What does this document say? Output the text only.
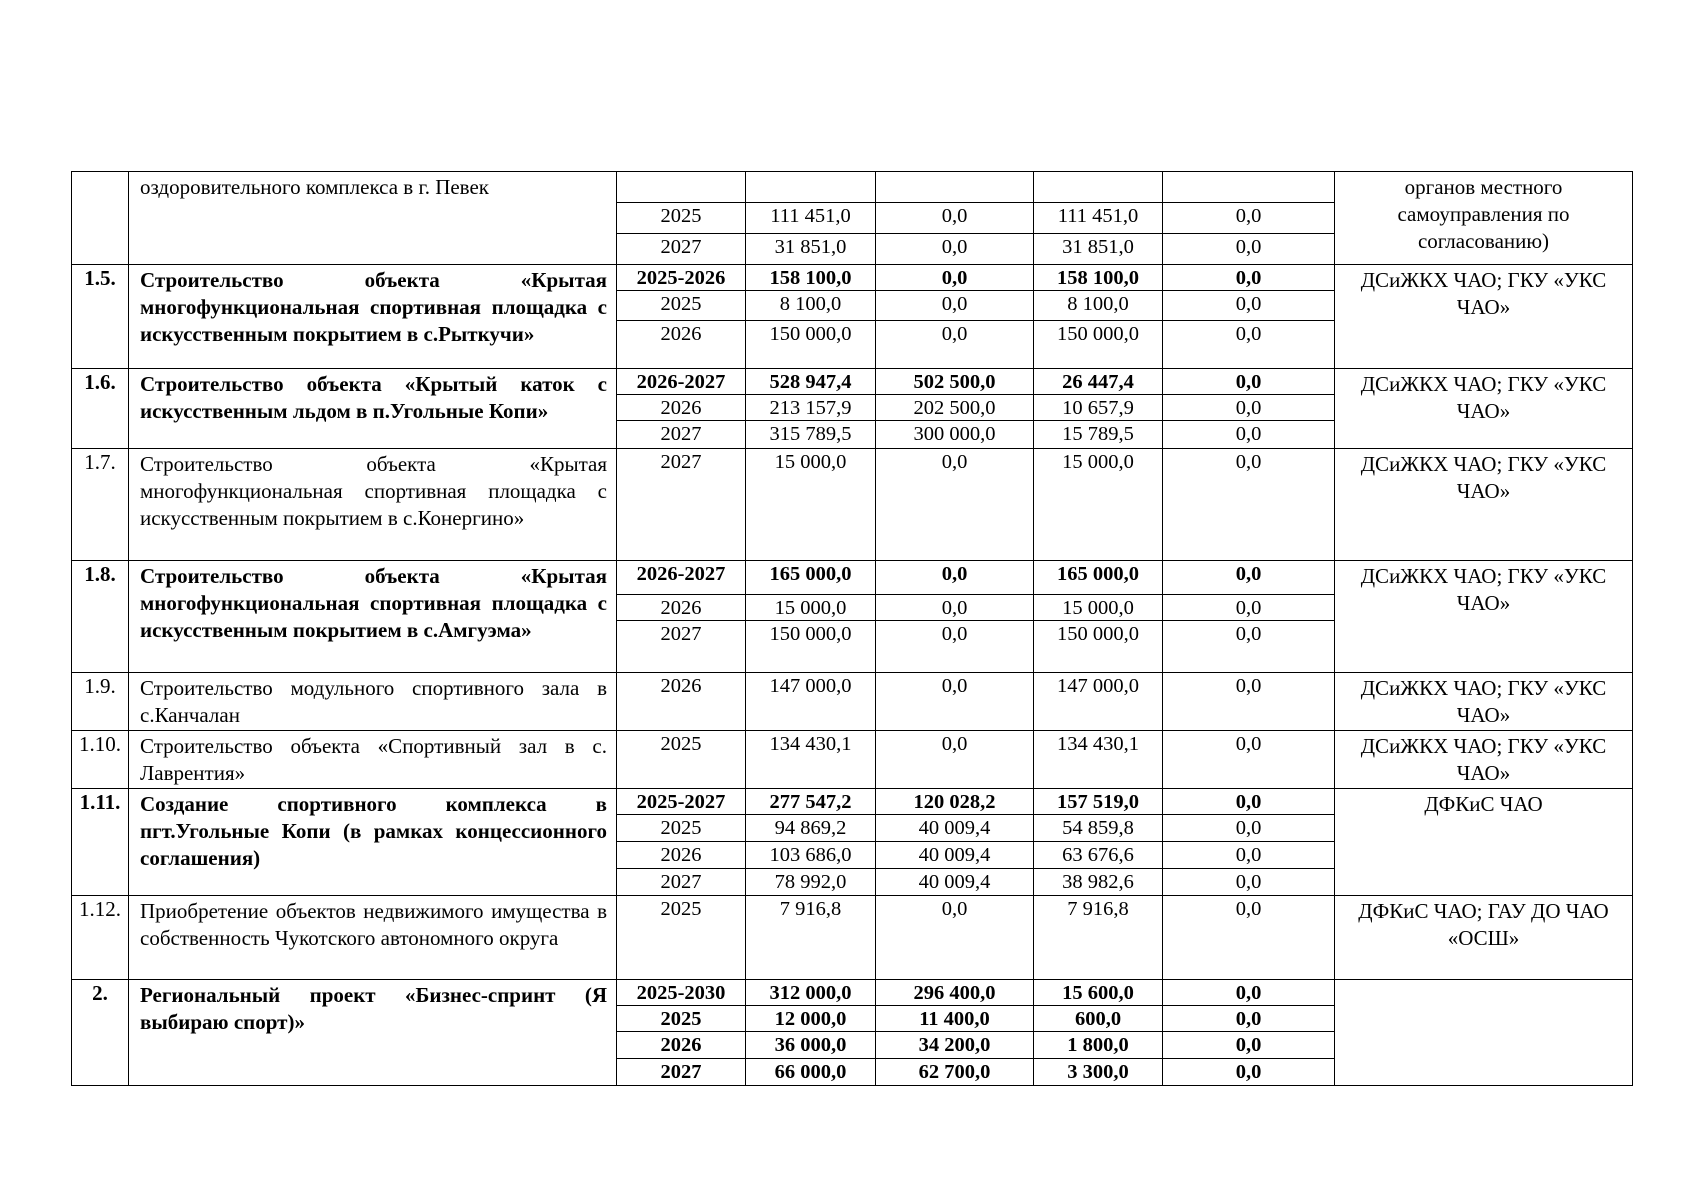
	оздоровительного комплекса в г. Певек						органов местного самоуправления по согласованию)
		2025	111 451,0	0,0	111 451,0	0,0	
		2027	31 851,0	0,0	31 851,0	0,0	
1.5.	Строительство объекта «Крытая многофункциональная спортивная площадка с искусственным покрытием в с.Рыткучи»	2025-2026	158 100,0	0,0	158 100,0	0,0	ДСиЖКХ ЧАО; ГКУ «УКС ЧАО»
		2025	8 100,0	0,0	8 100,0	0,0	
		2026	150 000,0	0,0	150 000,0	0,0	
1.6.	Строительство объекта «Крытый каток с искусственным льдом в п.Угольные Копи»	2026-2027	528 947,4	502 500,0	26 447,4	0,0	ДСиЖКХ ЧАО; ГКУ «УКС ЧАО»
		2026	213 157,9	202 500,0	10 657,9	0,0	
		2027	315 789,5	300 000,0	15 789,5	0,0	
1.7.	Строительство объекта «Крытая многофункциональная спортивная площадка с искусственным покрытием в с.Конергино»	2027	15 000,0	0,0	15 000,0	0,0	ДСиЖКХ ЧАО; ГКУ «УКС ЧАО»
1.8.	Строительство объекта «Крытая многофункциональная спортивная площадка с искусственным покрытием в с.Амгуэма»	2026-2027	165 000,0	0,0	165 000,0	0,0	ДСиЖКХ ЧАО; ГКУ «УКС ЧАО»
		2026	15 000,0	0,0	15 000,0	0,0	
		2027	150 000,0	0,0	150 000,0	0,0	
1.9.	Строительство модульного спортивного зала в с.Канчалан	2026	147 000,0	0,0	147 000,0	0,0	ДСиЖКХ ЧАО; ГКУ «УКС ЧАО»
1.10.	Строительство объекта «Спортивный зал в с. Лаврентия»	2025	134 430,1	0,0	134 430,1	0,0	ДСиЖКХ ЧАО; ГКУ «УКС ЧАО»
1.11.	Создание спортивного комплекса в пгт.Угольные Копи (в рамках концессионного соглашения)	2025-2027	277 547,2	120 028,2	157 519,0	0,0	ДФКиС ЧАО
		2025	94 869,2	40 009,4	54 859,8	0,0	
		2026	103 686,0	40 009,4	63 676,6	0,0	
		2027	78 992,0	40 009,4	38 982,6	0,0	
1.12.	Приобретение объектов недвижимого имущества в собственность Чукотского автономного округа	2025	7 916,8	0,0	7 916,8	0,0	ДФКиС ЧАО; ГАУ ДО ЧАО «ОСШ»
2.	Региональный проект «Бизнес-спринт (Я выбираю спорт)»	2025-2030	312 000,0	296 400,0	15 600,0	0,0	
		2025	12 000,0	11 400,0	600,0	0,0	
		2026	36 000,0	34 200,0	1 800,0	0,0	
		2027	66 000,0	62 700,0	3 300,0	0,0	
